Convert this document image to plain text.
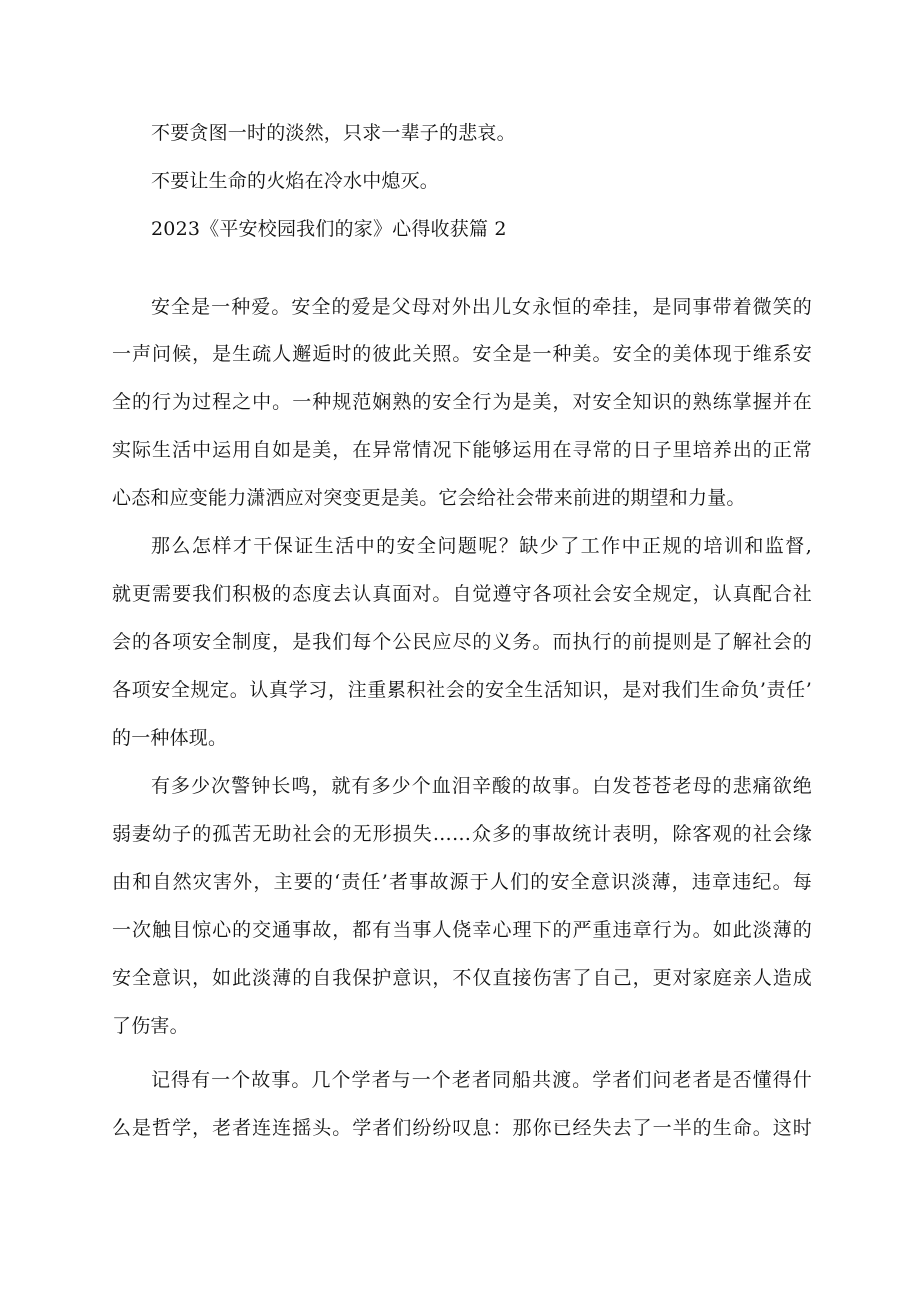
不要贪图一时的淡然，只求一辈子的悲哀。
不要让生命的火焰在冷水中熄灭。
2023《平安校园我们的家》心得收获篇 2
安全是一种爱。安全的爱是父母对外出儿女永恒的牵挂，是同事带着微笑的
一声问候，是生疏人邂逅时的彼此关照。安全是一种美。安全的美体现于维系安
全的行为过程之中。一种规范娴熟的安全行为是美，对安全知识的熟练掌握并在
实际生活中运用自如是美，在异常情况下能够运用在寻常的日子里培养出的正常
心态和应变能力潇洒应对突变更是美。它会给社会带来前进的期望和力量。
那么怎样才干保证生活中的安全问题呢？缺少了工作中正规的培训和监督,
就更需要我们积极的态度去认真面对。自觉遵守各项社会安全规定，认真配合社
会的各项安全制度，是我们每个公民应尽的义务。而执行的前提则是了解社会的
各项安全规定。认真学习，注重累积社会的安全生活知识，是对我们生命负’责任’
的一种体现。
有多少次警钟长鸣，就有多少个血泪辛酸的故事。白发苍苍老母的悲痛欲绝
弱妻幼子的孤苦无助社会的无形损失……众多的事故统计表明，除客观的社会缘
由和自然灾害外，主要的‘责任’者事故源于人们的安全意识淡薄，违章违纪。每
一次触目惊心的交通事故，都有当事人侥幸心理下的严重违章行为。如此淡薄的
安全意识，如此淡薄的自我保护意识，不仅直接伤害了自己，更对家庭亲人造成
了伤害。
记得有一个故事。几个学者与一个老者同船共渡。学者们问老者是否懂得什
么是哲学，老者连连摇头。学者们纷纷叹息：那你已经失去了一半的生命。这时
